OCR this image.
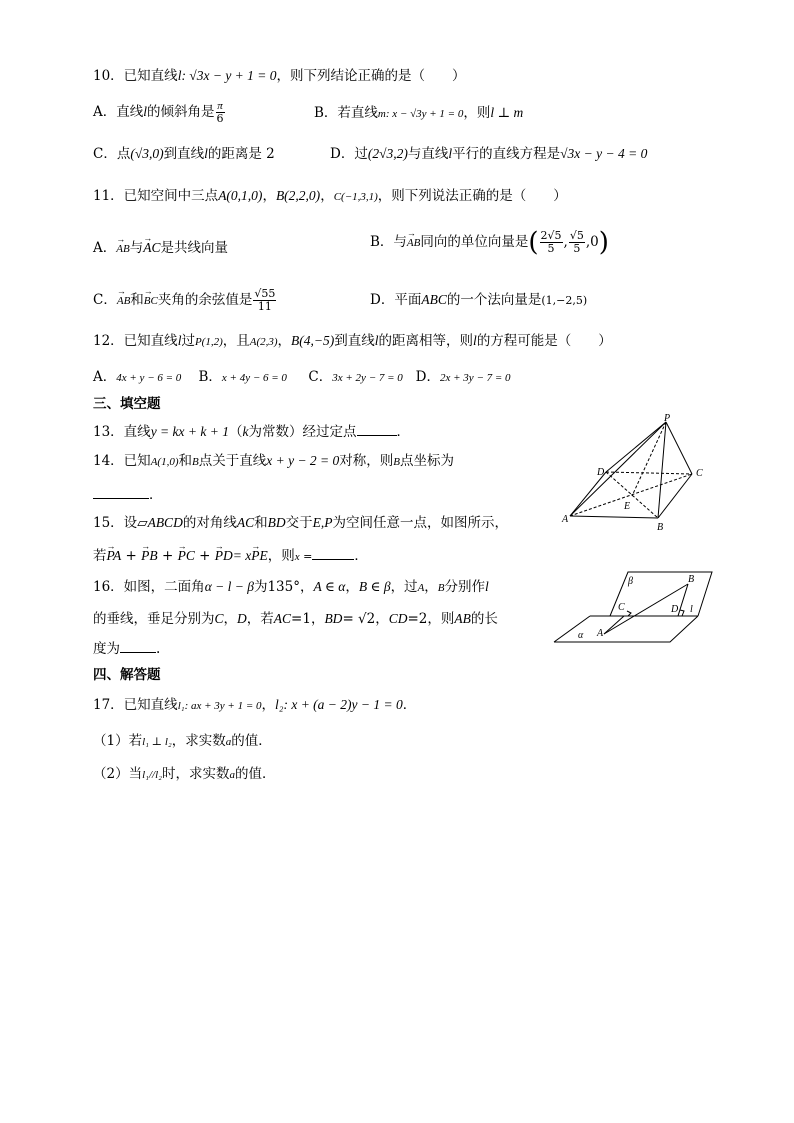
10．已知直线l: √3x − y + 1 = 0，则下列结论正确的是（　　）
A．直线l的倾斜角是 $\frac{\pi}{6}$	B．若直线m: x − √3y + 1 = 0，则l ⊥ m
C．点(√3,0)到直线l的距离是 2	D．过(2√3,2)与直线l平行的直线方程是√3x − y − 4 = 0
11．已知空间中三点A(0,1,0)，B(2,2,0)，C(−1,3,1)，则下列说法正确的是（　　）
A．→ AB与→ AC是共线向量	B．与→ AB同向的单位向量是( $\frac{2√5}{5}$ , $\frac{√5}{5} ,0$)
C．→ AB和→ BC夹角的余弦值是 $\frac{√55}{11}$	D．平面ABC的一个法向量是(1,−2,5)
12．已知直线l过P(1,2)，且A(2,3)，B(4,−5)到直线l的距离相等，则l的方程可能是（　　）
A．4x + y − 6 = 0 B．x + 4y − 6 = 0 C．3x + 2y − 7 = 0 D．2x + 3y − 7 = 0
三、填空题
13．直线y = kx + k + 1（k为常数）经过定点	．
14．已知A(1,0)和B点关于直线x + y − 2 = 0对称，则B点坐标为
．
15．设▱ABCD的对角线AC和BD交于E,P为空间任意一点，如图所示，
若→ PA + → PB + → PC + → PD= x→ PE，则x =	．
16．如图，二面角α − l − β为135°，A ∈ α，B ∈ β，过A，B分别作l
的垂线，垂足分别为C，D，若AC=1，BD= √2，CD=2，则AB的长
度为	.
四、解答题
17．已知直线l₁: ax + 3y + 1 = 0，l₂: x + (a − 2)y − 1 = 0．
（1）若l₁ ⊥ l₂，求实数a的值．
（2）当l₁//l₂时，求实数a的值．
P
D	C
A
E
B
β	B
C	D l
α A
